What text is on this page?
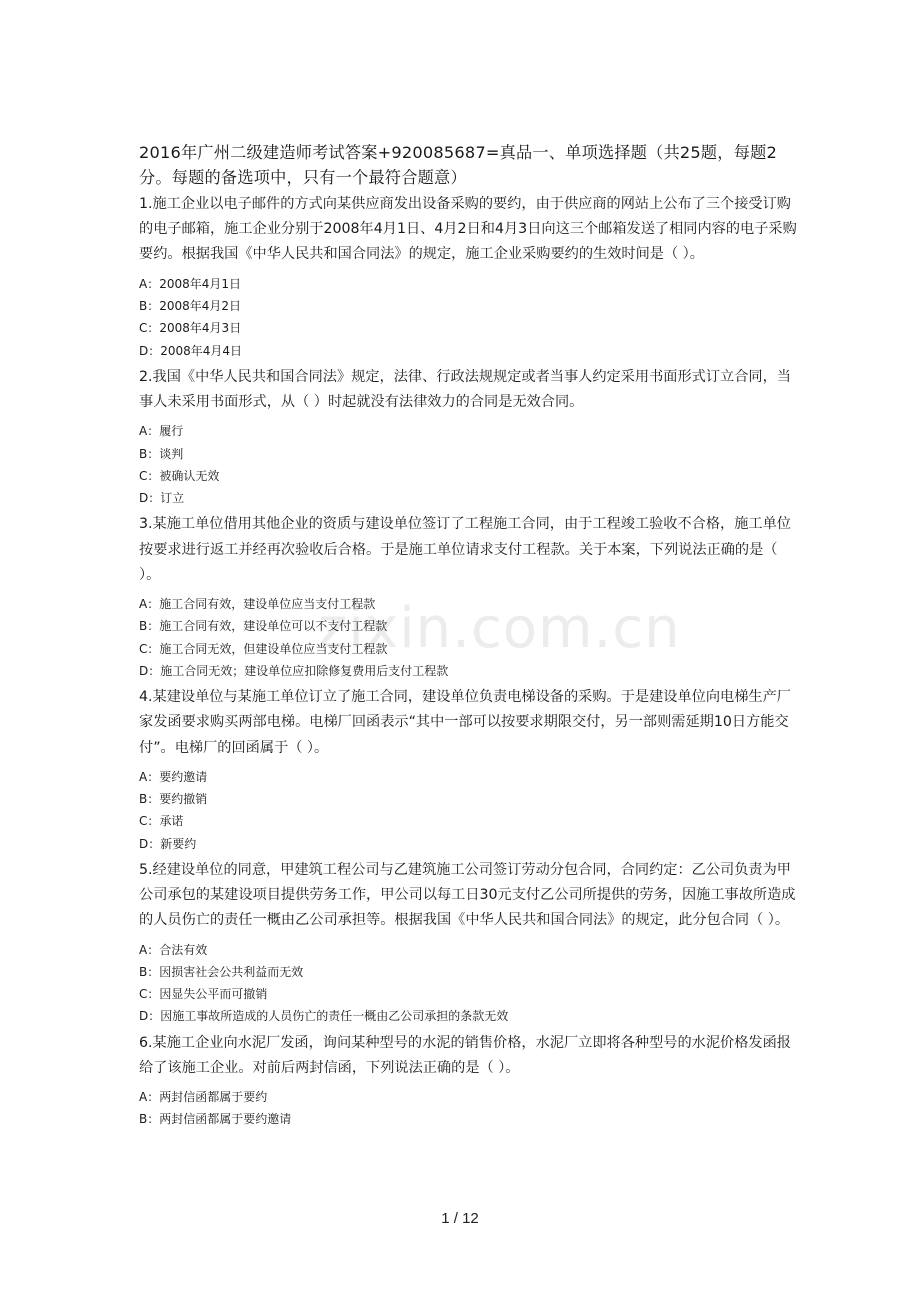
zixin.com.cn
2016年广州二级建造师考试答案+920085687=真品一、单项选择题（共25题，每题2分。每题的备选项中，只有一个最符合题意）

1.施工企业以电子邮件的方式向某供应商发出设备采购的要约，由于供应商的网站上公布了三个接受订购的电子邮箱，施工企业分别于2008年4月1日、4月2日和4月3日向这三个邮箱发送了相同内容的电子采购要约。根据我国《中华人民共和国合同法》的规定，施工企业采购要约的生效时间是（ ）。

A：2008年4月1日
B：2008年4月2日
C：2008年4月3日
D：2008年4月4日

2.我国《中华人民共和国合同法》规定，法律、行政法规规定或者当事人约定采用书面形式订立合同，当事人未采用书面形式，从（ ）时起就没有法律效力的合同是无效合同。

A：履行
B：谈判
C：被确认无效
D：订立

3.某施工单位借用其他企业的资质与建设单位签订了工程施工合同，由于工程竣工验收不合格，施工单位按要求进行返工并经再次验收后合格。于是施工单位请求支付工程款。关于本案，下列说法正确的是（ ）。

A：施工合同有效，建设单位应当支付工程款
B：施工合同有效，建设单位可以不支付工程款
C：施工合同无效，但建设单位应当支付工程款
D：施工合同无效；建设单位应扣除修复费用后支付工程款

4.某建设单位与某施工单位订立了施工合同，建设单位负责电梯设备的采购。于是建设单位向电梯生产厂家发函要求购买两部电梯。电梯厂回函表示“其中一部可以按要求期限交付，另一部则需延期10日方能交付”。电梯厂的回函属于（ ）。

A：要约邀请
B：要约撤销
C：承诺
D：新要约

5.经建设单位的同意，甲建筑工程公司与乙建筑施工公司签订劳动分包合同，合同约定：乙公司负责为甲公司承包的某建设项目提供劳务工作，甲公司以每工日30元支付乙公司所提供的劳务，因施工事故所造成的人员伤亡的责任一概由乙公司承担等。根据我国《中华人民共和国合同法》的规定，此分包合同（ ）。

A：合法有效
B：因损害社会公共利益而无效
C：因显失公平而可撤销
D：因施工事故所造成的人员伤亡的责任一概由乙公司承担的条款无效

6.某施工企业向水泥厂发函，询问某种型号的水泥的销售价格，水泥厂立即将各种型号的水泥价格发函报给了该施工企业。对前后两封信函，下列说法正确的是（ ）。

A：两封信函都属于要约
B：两封信函都属于要约邀请
1 / 12
